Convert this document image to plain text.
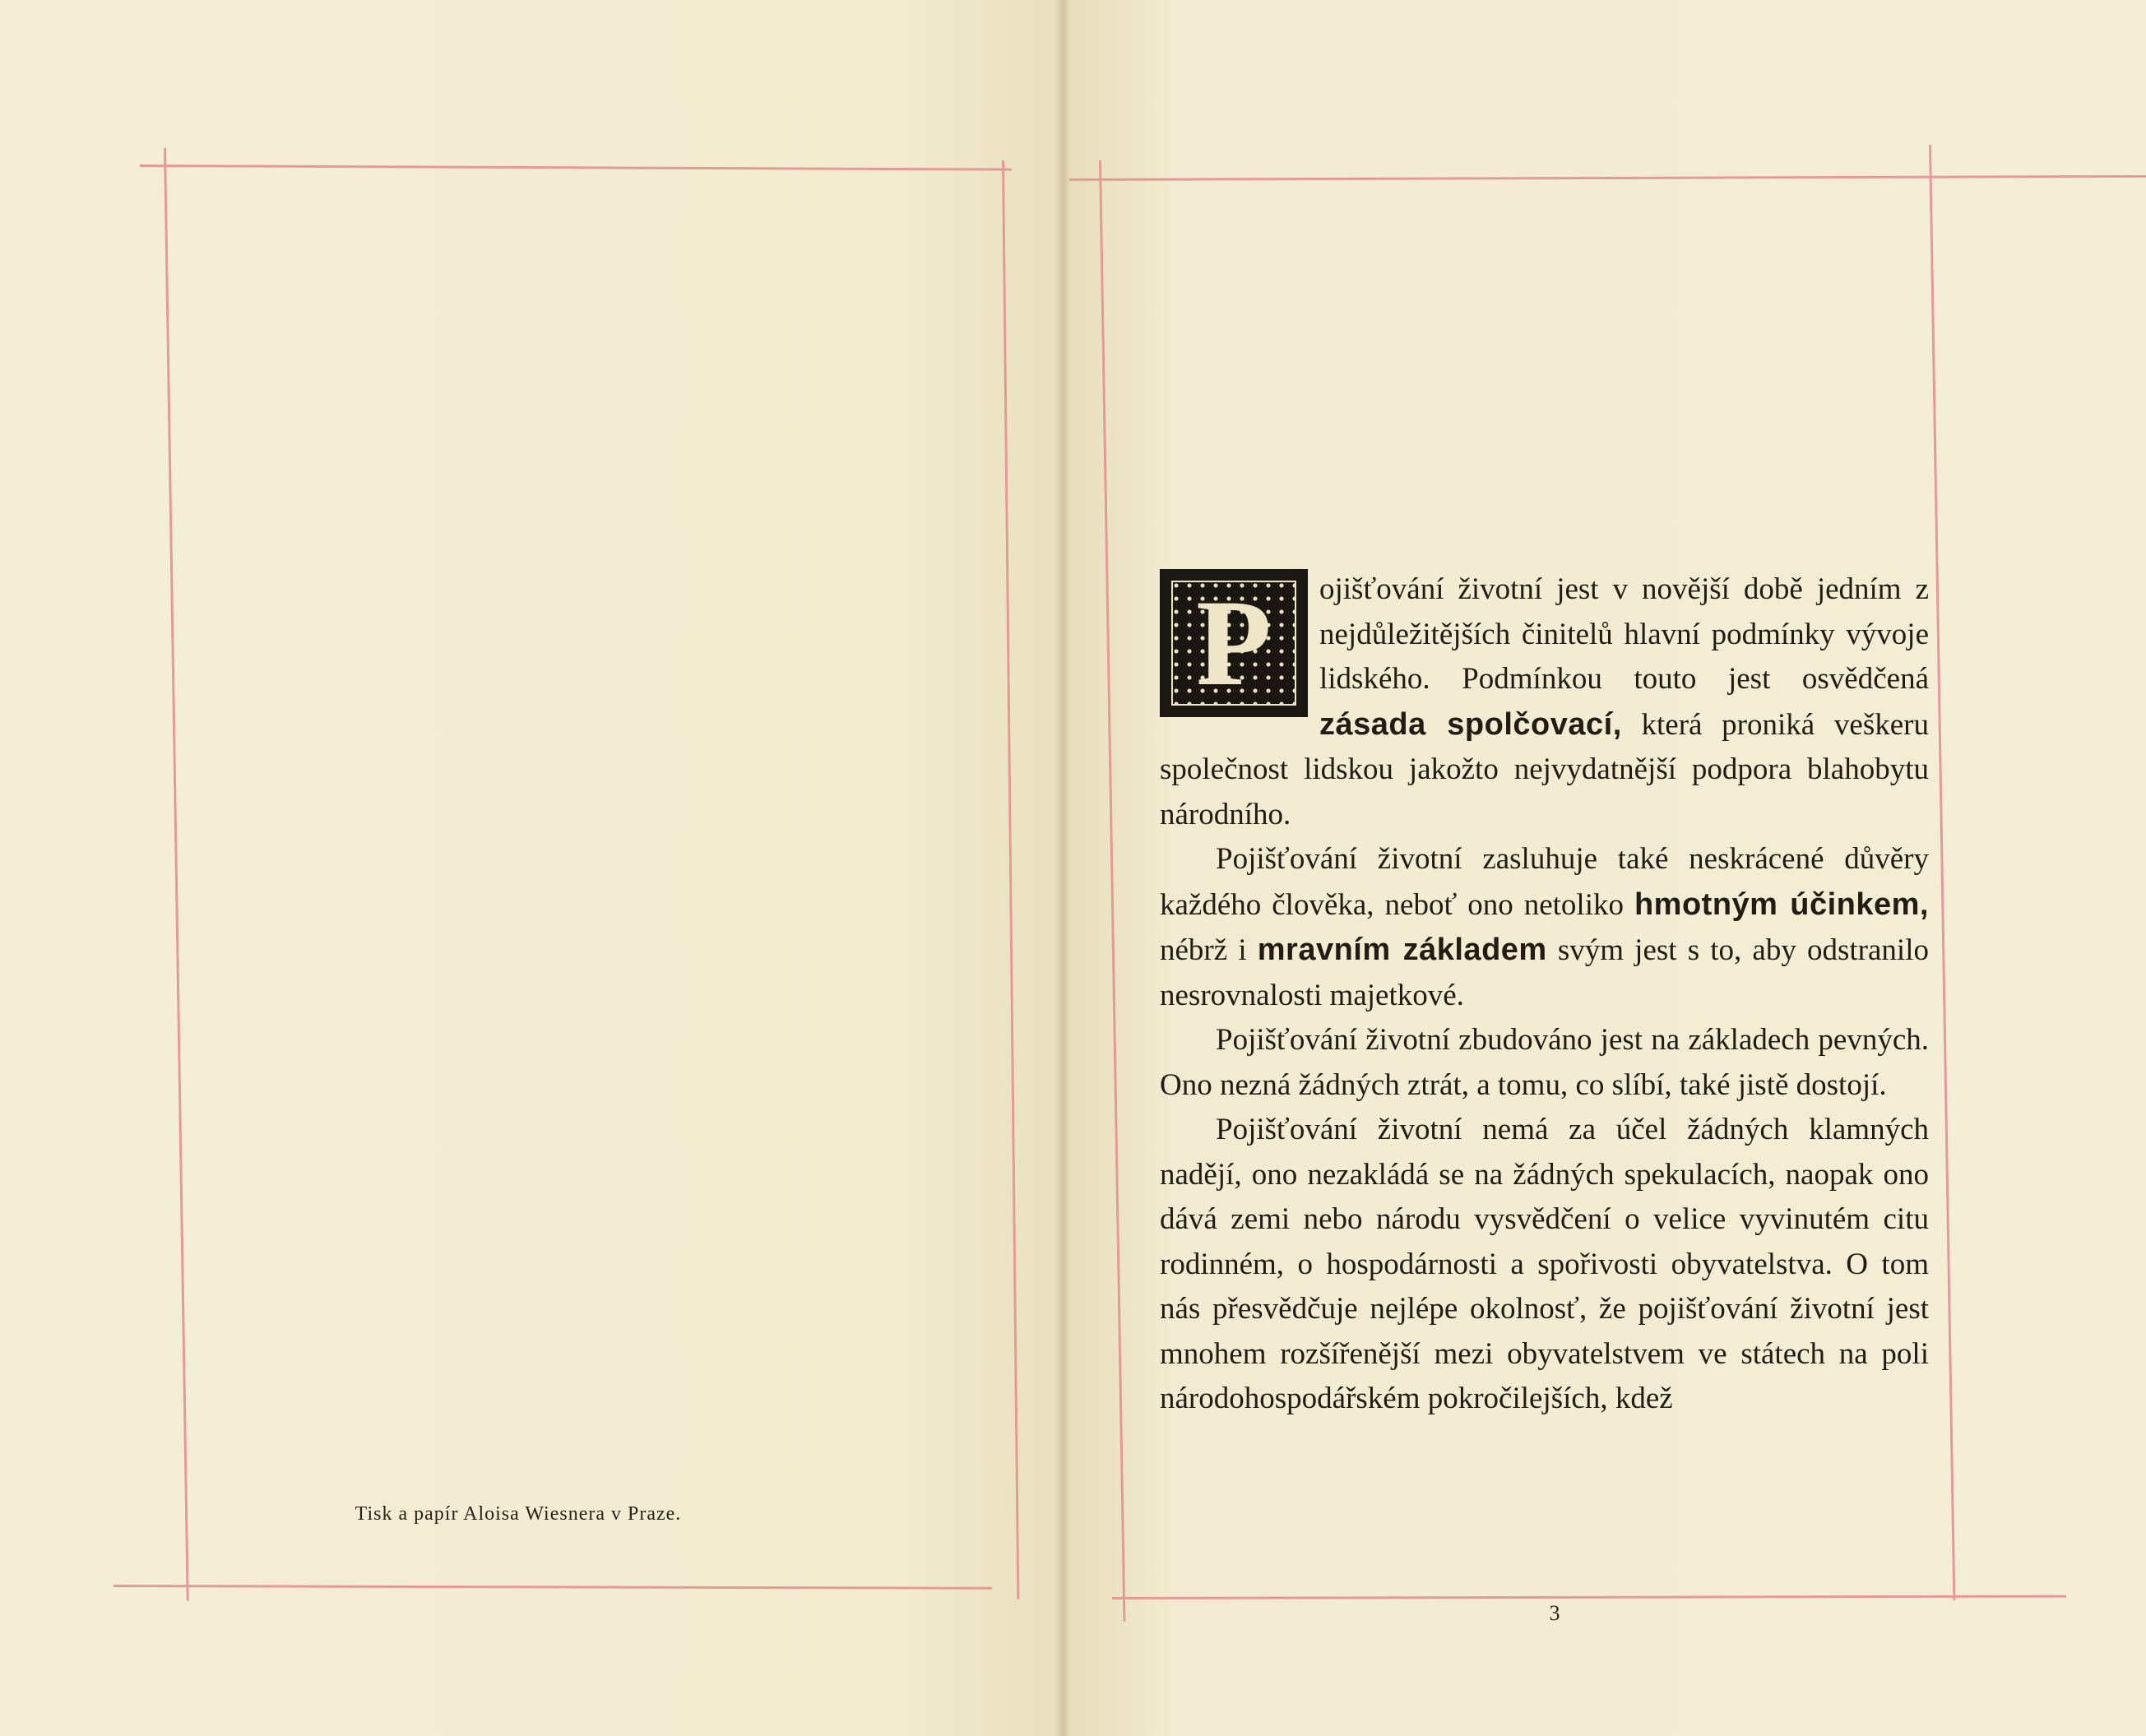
Tisk a papír Aloisa Wiesnera v Praze.

P ojišťování životní jest v novější době jedním z nejdůležitějších činitelů hlavní podmínky vývoje lidského. Podmínkou touto jest osvědčená zásada spolčovací, která proniká veškeru společnost lidskou jakožto nejvydatnější podpora blahobytu národního.

Pojišťování životní zasluhuje také neskrácené důvěry každého člověka, neboť ono netoliko hmotným účinkem, nébrž i mravním základem svým jest s to, aby odstranilo nesrovnalosti majetkové.

Pojišťování životní zbudováno jest na základech pevných. Ono nezná žádných ztrát, a tomu, co slíbí, také jistě dostojí.

Pojišťování životní nemá za účel žádných klamných nadějí, ono nezakládá se na žádných spekulacích, naopak ono dává zemi nebo národu vysvědčení o velice vyvinutém citu rodinném, o hospodárnosti a spořivosti obyvatelstva. O tom nás přesvědčuje nejlépe okolnosť, že pojišťování životní jest mnohem rozšířenější mezi obyvatelstvem ve státech na poli národohospodářském pokročilejších, kdež

3
